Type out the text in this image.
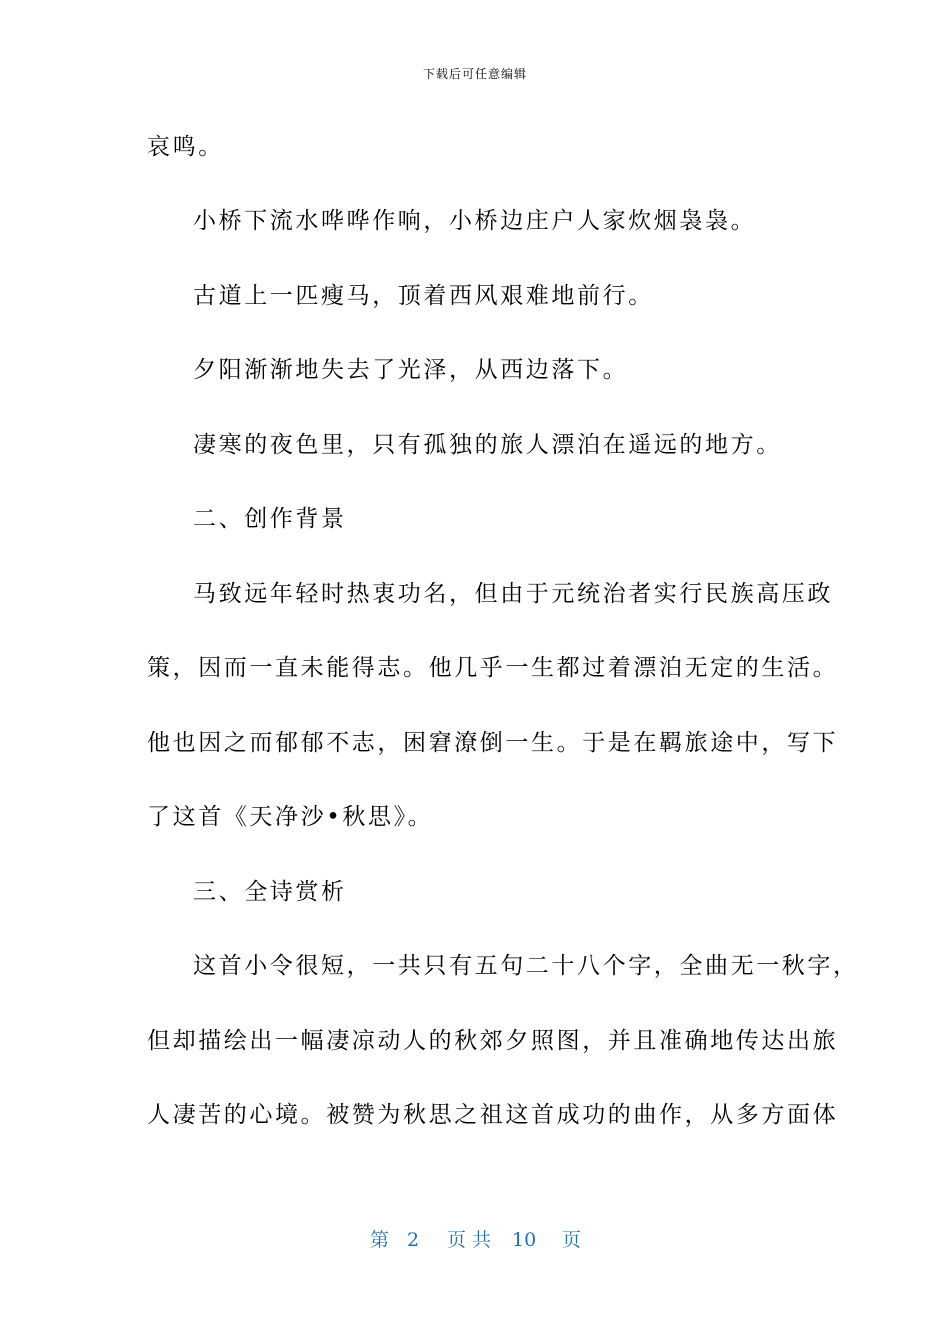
下载后可任意编辑
哀鸣。
小桥下流水哗哗作响，小桥边庄户人家炊烟袅袅。
古道上一匹瘦马，顶着西风艰难地前行。
夕阳渐渐地失去了光泽，从西边落下。
凄寒的夜色里，只有孤独的旅人漂泊在遥远的地方。
二、创作背景
马致远年轻时热衷功名，但由于元统治者实行民族高压政
策，因而一直未能得志。他几乎一生都过着漂泊无定的生活。
他也因之而郁郁不志，困窘潦倒一生。于是在羁旅途中，写下
了这首《天净沙•秋思》。
三、全诗赏析
这首小令很短，一共只有五句二十八个字，全曲无一秋字，
但却描绘出一幅凄凉动人的秋郊夕照图，并且准确地传达出旅
人凄苦的心境。被赞为秋思之祖这首成功的曲作，从多方面体
第 2 页 共 10 页
